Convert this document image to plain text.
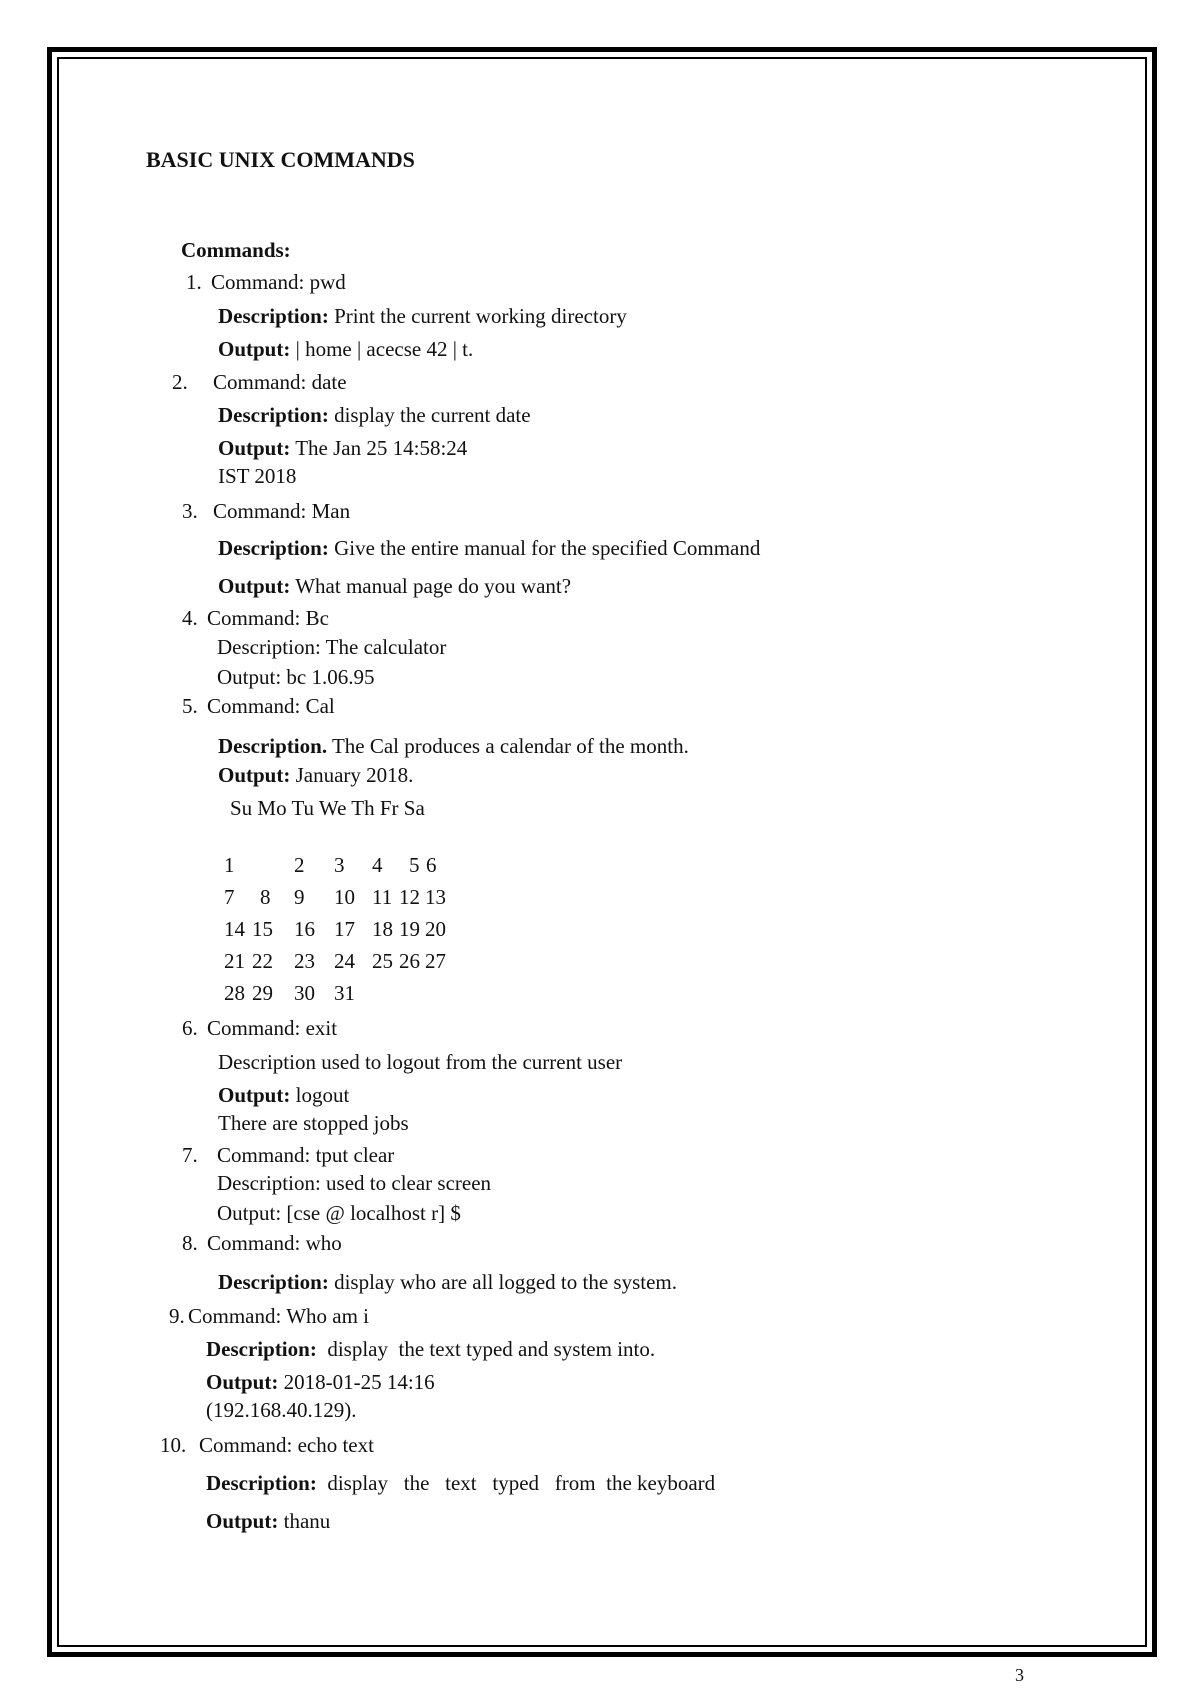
BASIC UNIX COMMANDS
Commands:
1. Command: pwd
Description: Print the current working directory
Output: | home | acecse 42 | t.
2. Command: date
Description: display the current date
Output: The Jan 25 14:58:24
IST 2018
3. Command: Man
Description: Give the entire manual for the specified Command
Output: What manual page do you want?
4. Command: Bc
Description: The calculator
Output: bc 1.06.95
5. Command: Cal
Description. The Cal produces a calendar of the month.
Output: January 2018.
Su Mo Tu We Th Fr Sa
1	2 3 4 5 6
7 8 9 10 11 12 13
14 15 16 17 18 19 20
21 22 23 24 25 26 27
28 29 30 31
6. Command: exit
Description used to logout from the current user
Output: logout
There are stopped jobs
7. Command: tput clear
Description: used to clear screen
Output: [cse @ localhost r] $
8. Command: who
Description: display who are all logged to the system.
9. Command: Who am i
Description:  display  the text typed and system into.
Output: 2018-01-25 14:16
(192.168.40.129).
10. Command: echo text
Description:  display   the   text   typed   from  the keyboard
Output: thanu
3
